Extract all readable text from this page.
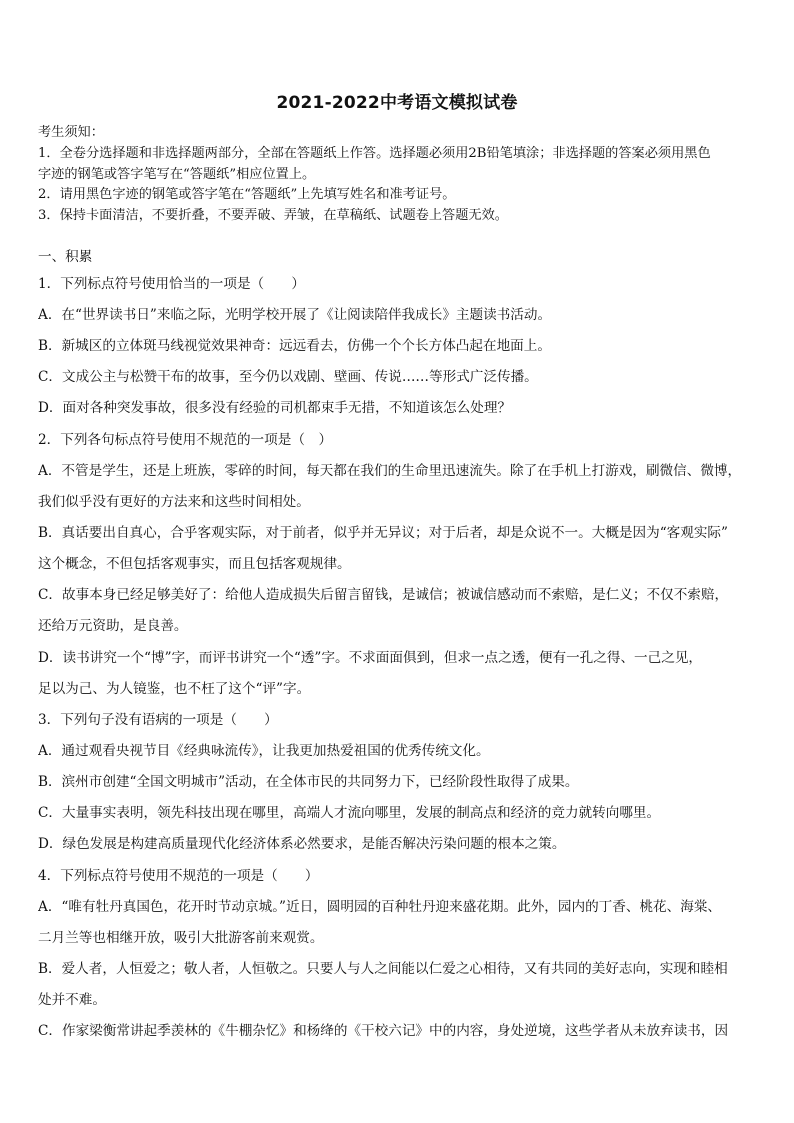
2021-2022中考语文模拟试卷
考生须知：
1．全卷分选择题和非选择题两部分，全部在答题纸上作答。选择题必须用2B铅笔填涂；非选择题的答案必须用黑色
字迹的钢笔或答字笔写在“答题纸”相应位置上。
2．请用黑色字迹的钢笔或答字笔在“答题纸”上先填写姓名和准考证号。
3．保持卡面清洁，不要折叠，不要弄破、弄皱，在草稿纸、试题卷上答题无效。
一、积累
1．下列标点符号使用恰当的一项是（　　）
A．在“世界读书日”来临之际，光明学校开展了《让阅读陪伴我成长》主题读书活动。
B．新城区的立体斑马线视觉效果神奇：远远看去，仿佛一个个长方体凸起在地面上。
C．文成公主与松赞干布的故事，至今仍以戏剧、壁画、传说……等形式广泛传播。
D．面对各种突发事故，很多没有经验的司机都束手无措，不知道该怎么处理？
2．下列各句标点符号使用不规范的一项是（　）
A．不管是学生，还是上班族，零碎的时间，每天都在我们的生命里迅速流失。除了在手机上打游戏，刷微信、微博，
我们似乎没有更好的方法来和这些时间相处。
B．真话要出自真心，合乎客观实际，对于前者，似乎并无异议；对于后者，却是众说不一。大概是因为“客观实际”
这个概念，不但包括客观事实，而且包括客观规律。
C．故事本身已经足够美好了：给他人造成损失后留言留钱，是诚信；被诚信感动而不索赔，是仁义；不仅不索赔，
还给万元资助，是良善。
D．读书讲究一个“博”字，而评书讲究一个“透”字。不求面面俱到，但求一点之透，便有一孔之得、一己之见，
足以为己、为人镜鉴，也不枉了这个“评”字。
3．下列句子没有语病的一项是（　　）
A．通过观看央视节目《经典咏流传》，让我更加热爱祖国的优秀传统文化。
B．滨州市创建“全国文明城市”活动，在全体市民的共同努力下，已经阶段性取得了成果。
C．大量事实表明，领先科技出现在哪里，高端人才流向哪里，发展的制高点和经济的竞力就转向哪里。
D．绿色发展是构建高质量现代化经济体系必然要求，是能否解决污染问题的根本之策。
4．下列标点符号使用不规范的一项是（　　）
A．“唯有牡丹真国色，花开时节动京城。”近日，圆明园的百种牡丹迎来盛花期。此外，园内的丁香、桃花、海棠、
二月兰等也相继开放，吸引大批游客前来观赏。
B．爱人者，人恒爱之；敬人者，人恒敬之。只要人与人之间能以仁爱之心相待，又有共同的美好志向，实现和睦相
处并不难。
C．作家梁衡常讲起季羡林的《牛棚杂忆》和杨绛的《干校六记》中的内容，身处逆境，这些学者从未放弃读书，因
